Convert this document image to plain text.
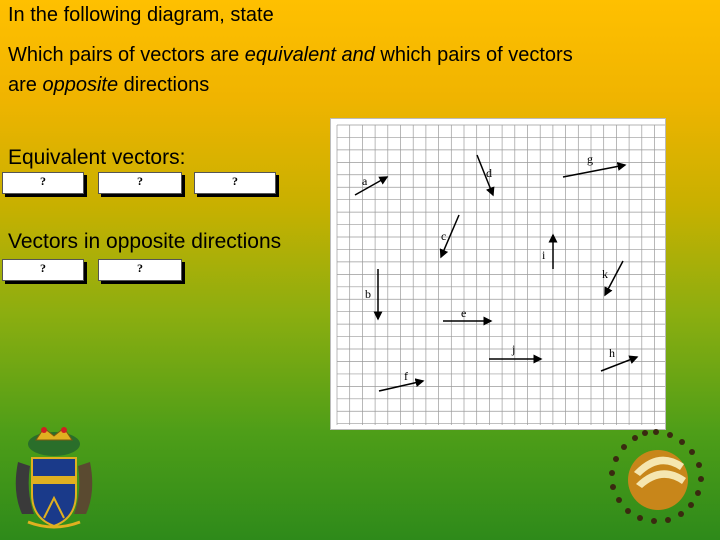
In the following diagram, state
Which pairs of vectors are equivalent and which pairs of vectors
are opposite directions
Equivalent vectors:
?	?	?
Vectors in opposite directions
?	?
a
b
c
d
e
f
g
h
i
j
k
